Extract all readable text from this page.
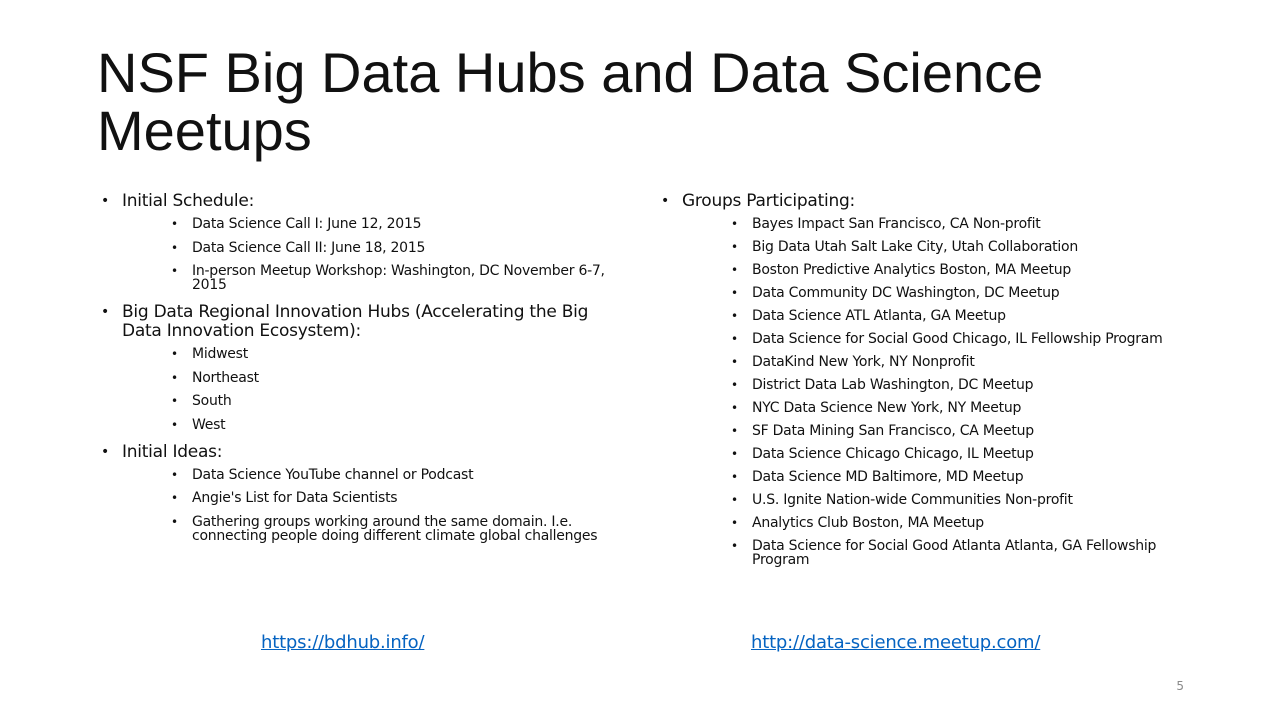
NSF Big Data Hubs and Data Science Meetups
• Initial Schedule:
• Data Science Call I: June 12, 2015
• Data Science Call II: June 18, 2015
• In-person Meetup Workshop: Washington, DC November 6-7, 2015
• Big Data Regional Innovation Hubs (Accelerating the Big Data Innovation Ecosystem):
• Midwest
• Northeast
• South
• West
• Initial Ideas:
• Data Science YouTube channel or Podcast
• Angie's List for Data Scientists
• Gathering groups working around the same domain. I.e. connecting people doing different climate global challenges
• Groups Participating:
• Bayes Impact San Francisco, CA Non-profit
• Big Data Utah Salt Lake City, Utah Collaboration
• Boston Predictive Analytics Boston, MA Meetup
• Data Community DC Washington, DC Meetup
• Data Science ATL Atlanta, GA Meetup
• Data Science for Social Good Chicago, IL Fellowship Program
• DataKind New York, NY Nonprofit
• District Data Lab Washington, DC Meetup
• NYC Data Science New York, NY Meetup
• SF Data Mining San Francisco, CA Meetup
• Data Science Chicago Chicago, IL Meetup
• Data Science MD Baltimore, MD Meetup
• U.S. Ignite Nation-wide Communities Non-profit
• Analytics Club Boston, MA Meetup
• Data Science for Social Good Atlanta Atlanta, GA Fellowship Program
https://bdhub.info/	http://data-science.meetup.com/
5
